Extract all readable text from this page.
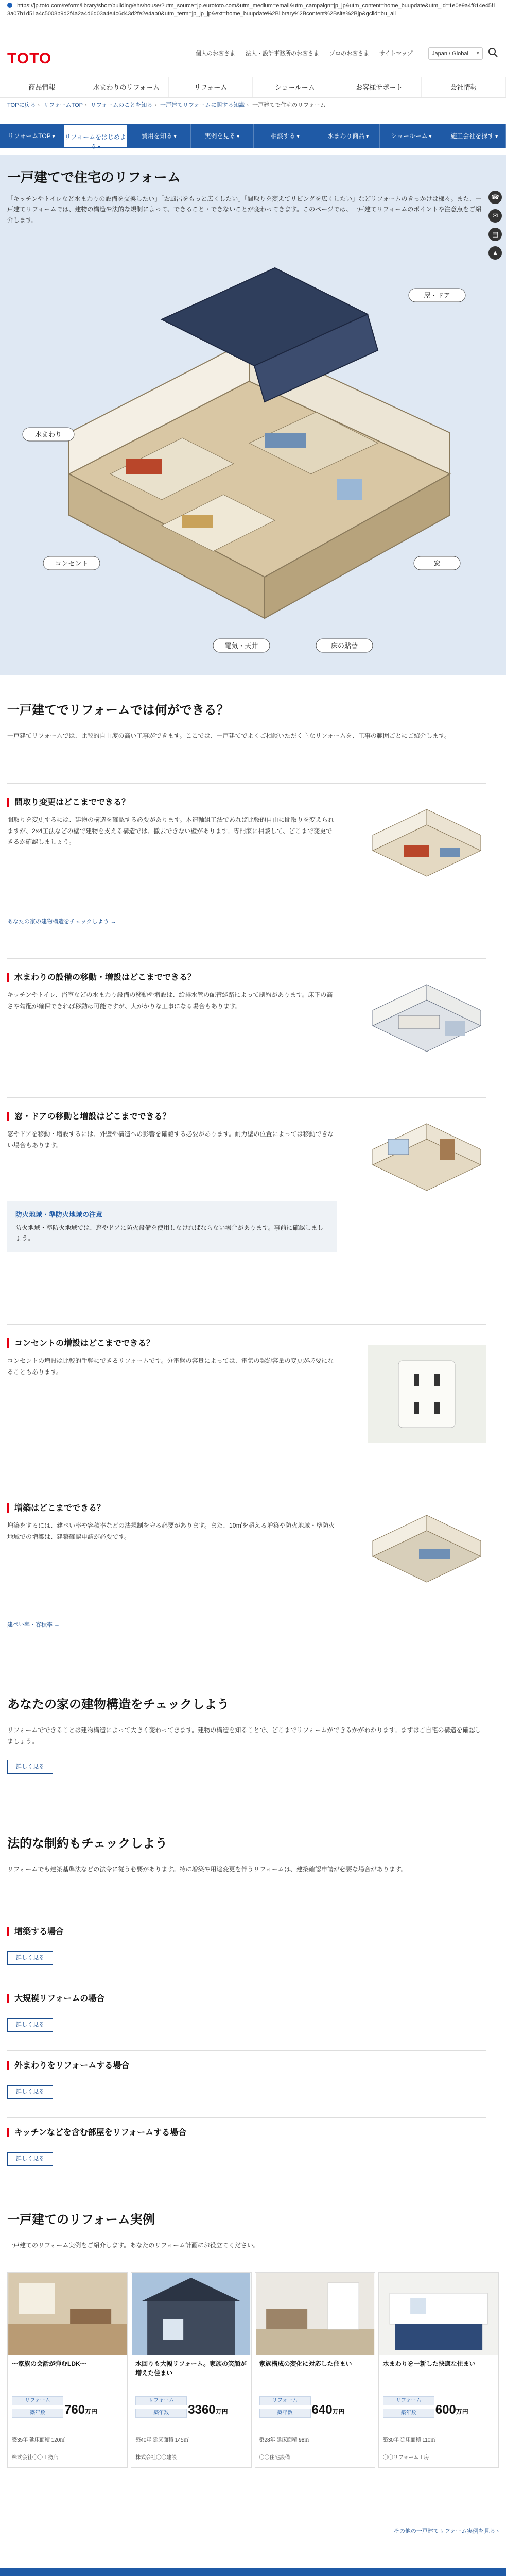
https://jp.toto.com/reform/library/short/building/ehs/house/?utm_source=jp.eurototo.com&utm_medium=email&utm_campaign=jp_jp&utm_content=home_buupdate&utm_id=1e0e9a4f814e45f13a07b1d51a4c5008b9d2f4a2a4d6d03a4e4c6d43d2fe2e4ab0&utm_term=jp_jp_jp&ext=home_buupdate%2Blibrary%2Bcontent%2Bsite%2Bjp&gclid=bu_all
TOTO	個人のお客さま 法人・設計事務所のお客さま プロのお客さま サイトマップ	Japan / Global ▾
商品情報	水まわりのリフォーム	リフォーム	ショールーム	お客様サポート	会社情報
TOPに戻る › リフォームTOP › リフォームのことを知る › 一戸建てリフォームに関する知識 › 一戸建てで住宅のリフォーム
リフォームTOP ▾	リフォームをはじめよう ▾
費用を知る ▾	実例を見る ▾	相談する ▾	水まわり商品 ▾	ショールーム ▾	施工会社を探す ▾
一戸建てで住宅のリフォーム
「キッチンやトイレなど水まわりの設備を交換したい」「お風呂をもっと広くしたい」「間取りを変えてリビングを広くしたい」などリフォームのきっかけは様々。また、一戸建てリフォームでは、建物の構造や法的な規制によって、できること・できないことが変わってきます。このページでは、一戸建てリフォームのポイントや注意点をご紹介します。
屋・ドア
水まわり
コンセント
電気・天井	床の貼替
窓
☎
✉
▤
▲
一戸建てでリフォームでは何ができる？
一戸建てリフォームでは、比較的自由度の高い工事ができます。ここでは、一戸建てでよくご相談いただく主なリフォームを、工事の範囲ごとにご紹介します。
間取り変更はどこまでできる？
間取りを変更するには、建物の構造を確認する必要があります。木造軸組工法であれば比較的自由に間取りを変えられますが、2×4工法などの壁で建物を支える構造では、撤去できない壁があります。専門家に相談して、どこまで変更できるか確認しましょう。
あなたの家の建物構造をチェックしよう →
水まわりの設備の移動・増設はどこまでできる？
キッチンやトイレ、浴室などの水まわり設備の移動や増設は、給排水管の配管経路によって制約があります。床下の高さや勾配が確保できれば移動は可能ですが、大がかりな工事になる場合もあります。
窓・ドアの移動と増設はどこまでできる？
窓やドアを移動・増設するには、外壁や構造への影響を確認する必要があります。耐力壁の位置によっては移動できない場合もあります。
防火地域・準防火地域の注意
防火地域・準防火地域では、窓やドアに防火設備を使用しなければならない場合があります。事前に確認しましょう。
コンセントの増設はどこまでできる？
コンセントの増設は比較的手軽にできるリフォームです。分電盤の容量によっては、電気の契約容量の変更が必要になることもあります。
増築はどこまでできる？
増築をするには、建ぺい率や容積率などの法規制を守る必要があります。また、10㎡を超える増築や防火地域・準防火地域での増築は、建築確認申請が必要です。
建ぺい率・容積率 →
あなたの家の建物構造をチェックしよう
リフォームでできることは建物構造によって大きく変わってきます。建物の構造を知ることで、どこまでリフォームができるかがわかります。まずはご自宅の構造を確認しましょう。
詳しく見る
法的な制約もチェックしよう
リフォームでも建築基準法などの法令に従う必要があります。特に増築や用途変更を伴うリフォームは、建築確認申請が必要な場合があります。
増築する場合
詳しく見る
大規模リフォームの場合
詳しく見る
外まわりをリフォームする場合
詳しく見る
キッチンなどを含む部屋をリフォームする場合
詳しく見る
一戸建てのリフォーム実例
一戸建てのリフォーム実例をご紹介します。あなたのリフォーム計画にお役立てください。
〜家族の会話が弾むLDK〜
リフォーム
築年数	760万円
築35年 延床面積 120㎡
株式会社〇〇工務店
水回りも大幅リフォーム。家族の笑顔が増えた住まい
リフォーム
築年数	3360万円
築40年 延床面積 145㎡
株式会社〇〇建設
家族構成の変化に対応した住まい
リフォーム
築年数	640万円
築28年 延床面積 98㎡
〇〇住宅設備
水まわりを一新した快適な住まい
リフォーム
築年数	600万円
築30年 延床面積 110㎡
〇〇リフォーム工房
その他の一戸建てリフォーム実例を見る ›
